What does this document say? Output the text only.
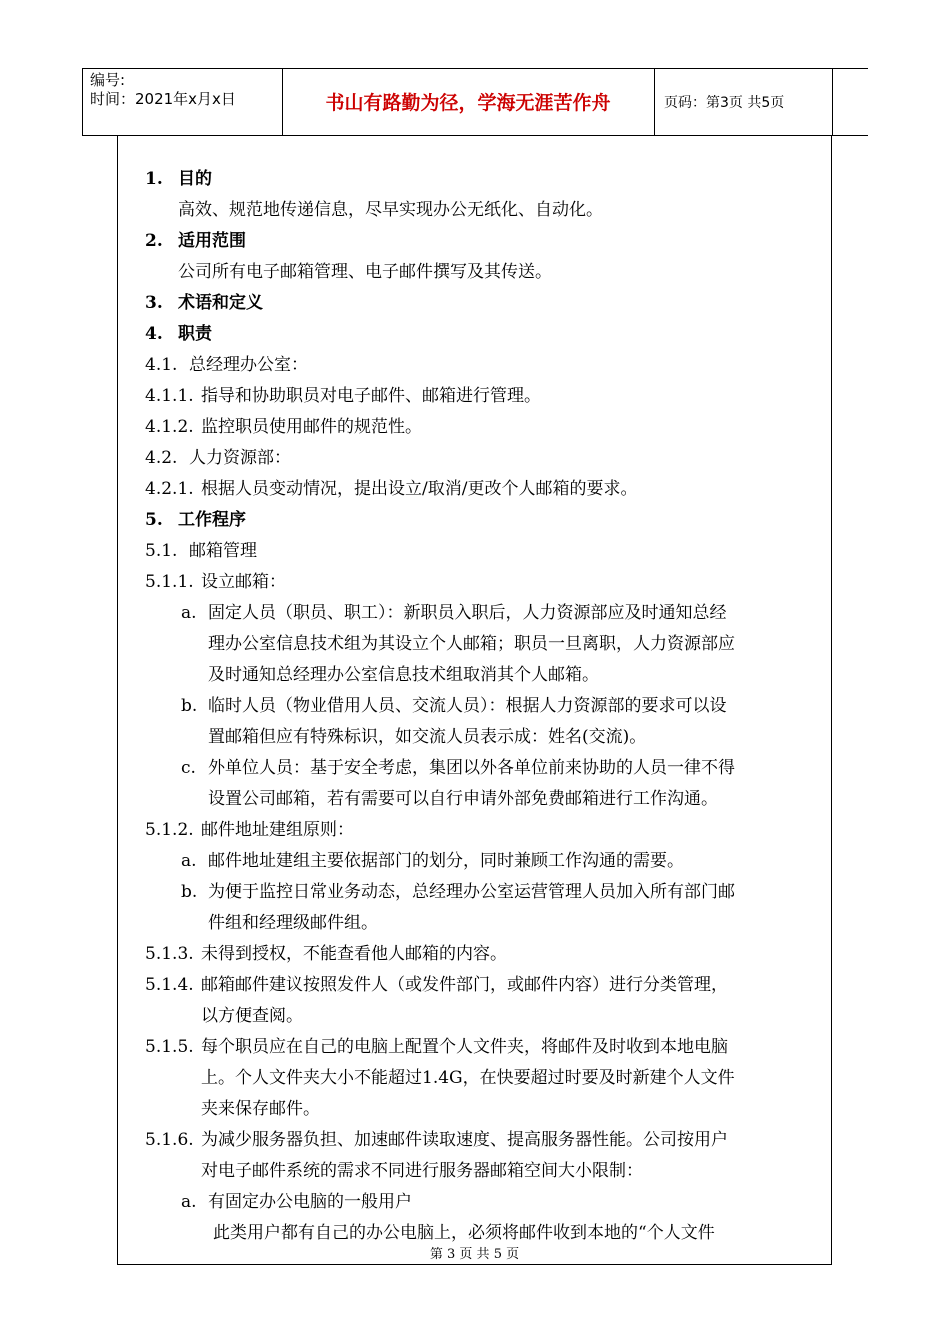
编号:
时间：2021年x月x日	书山有路勤为径，学海无涯苦作舟	页码：第3页 共5页

1. 目的

高效、规范地传递信息，尽早实现办公无纸化、自动化。

2. 适用范围

公司所有电子邮箱管理、电子邮件撰写及其传送。

3. 术语和定义

4. 职责

4.1. 总经理办公室：

4.1.1. 指导和协助职员对电子邮件、邮箱进行管理。

4.1.2. 监控职员使用邮件的规范性。

4.2. 人力资源部：

4.2.1. 根据人员变动情况，提出设立/取消/更改个人邮箱的要求。

5. 工作程序

5.1. 邮箱管理

5.1.1. 设立邮箱：

a. 固定人员（职员、职工）：新职员入职后，人力资源部应及时通知总经

理办公室信息技术组为其设立个人邮箱；职员一旦离职，人力资源部应

及时通知总经理办公室信息技术组取消其个人邮箱。

b. 临时人员（物业借用人员、交流人员）：根据人力资源部的要求可以设

置邮箱但应有特殊标识，如交流人员表示成：姓名(交流)。

c. 外单位人员：基于安全考虑，集团以外各单位前来协助的人员一律不得

设置公司邮箱，若有需要可以自行申请外部免费邮箱进行工作沟通。

5.1.2. 邮件地址建组原则：

a. 邮件地址建组主要依据部门的划分，同时兼顾工作沟通的需要。

b. 为便于监控日常业务动态，总经理办公室运营管理人员加入所有部门邮

件组和经理级邮件组。

5.1.3. 未得到授权，不能查看他人邮箱的内容。

5.1.4. 邮箱邮件建议按照发件人（或发件部门，或邮件内容）进行分类管理，

以方便查阅。

5.1.5. 每个职员应在自己的电脑上配置个人文件夹，将邮件及时收到本地电脑

上。个人文件夹大小不能超过1.4G，在快要超过时要及时新建个人文件

夹来保存邮件。

5.1.6. 为减少服务器负担、加速邮件读取速度、提高服务器性能。公司按用户

对电子邮件系统的需求不同进行服务器邮箱空间大小限制：

a. 有固定办公电脑的一般用户

此类用户都有自己的办公电脑上，必须将邮件收到本地的“个人文件

第 3 页 共 5 页
